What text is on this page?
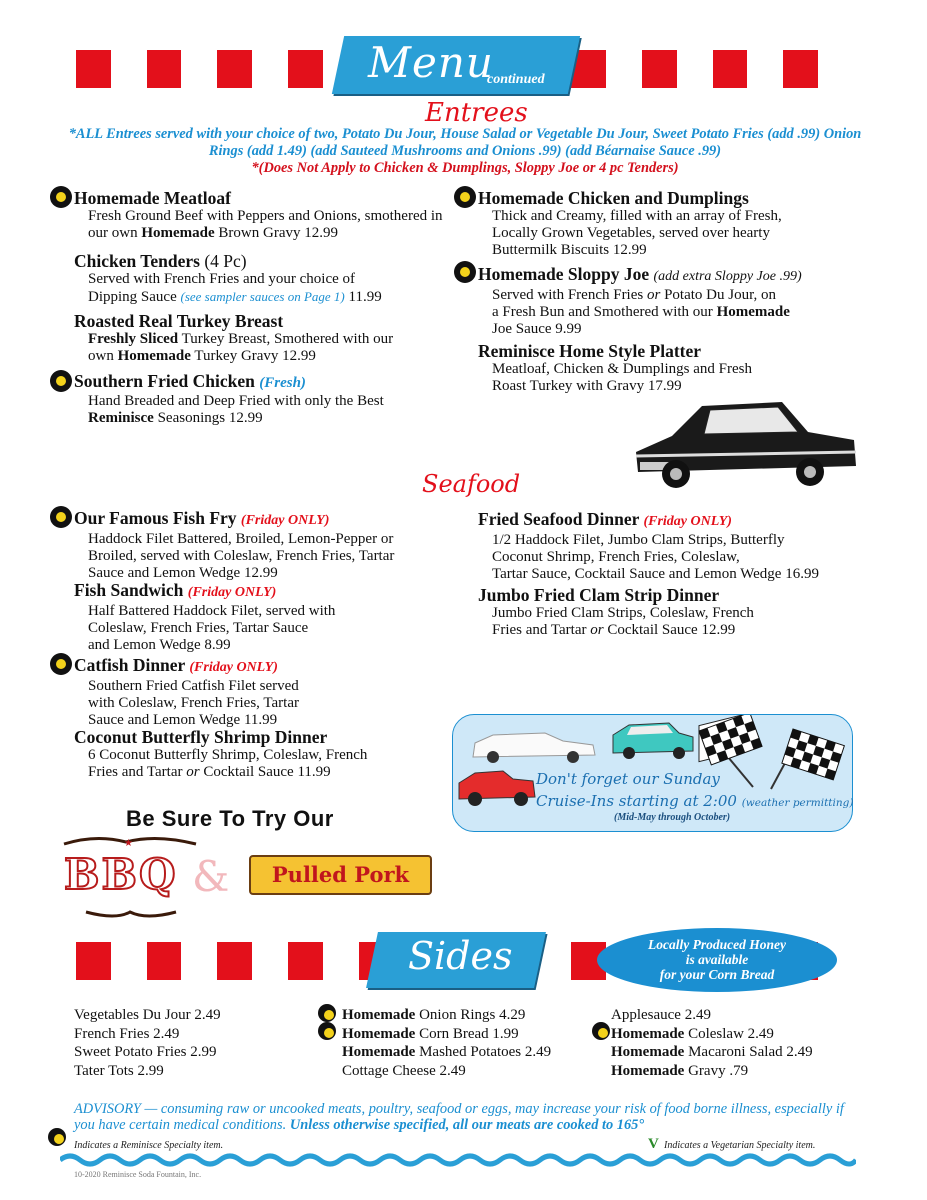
Menu
continued
Entrees
*ALL Entrees served with your choice of two, Potato Du Jour, House Salad or Vegetable Du Jour, Sweet Potato Fries (add .99) Onion Rings (add 1.49) (add Sauteed Mushrooms and Onions .99) (add Béarnaise Sauce .99)
*(Does Not Apply to Chicken & Dumplings, Sloppy Joe or 4 pc Tenders)
Homemade Meatloaf
Fresh Ground Beef with Peppers and Onions, smothered in
our own Homemade Brown Gravy 12.99
Chicken Tenders (4 Pc)
Served with French Fries and your choice of
Dipping Sauce (see sampler sauces on Page 1) 11.99
Roasted Real Turkey Breast
Freshly Sliced Turkey Breast, Smothered with our
own Homemade Turkey Gravy 12.99
Southern Fried Chicken (Fresh)
Hand Breaded and Deep Fried with only the Best
Reminisce Seasonings 12.99
Homemade Chicken and Dumplings
Thick and Creamy, filled with an array of Fresh,
Locally Grown Vegetables, served over hearty
Buttermilk Biscuits 12.99
Homemade Sloppy Joe (add extra Sloppy Joe .99)
Served with French Fries or Potato Du Jour, on
a Fresh Bun and Smothered with our Homemade
Joe Sauce 9.99
Reminisce Home Style Platter
Meatloaf, Chicken & Dumplings and Fresh
Roast Turkey with Gravy 17.99
Seafood
Our Famous Fish Fry (Friday ONLY)
Haddock Filet Battered, Broiled, Lemon-Pepper or
Broiled, served with Coleslaw, French Fries, Tartar
Sauce and Lemon Wedge 12.99
Fish Sandwich (Friday ONLY)
Half Battered Haddock Filet, served with
Coleslaw, French Fries, Tartar Sauce
and Lemon Wedge 8.99
Catfish Dinner (Friday ONLY)
Southern Fried Catfish Filet served
with Coleslaw, French Fries, Tartar
Sauce and Lemon Wedge 11.99
Coconut Butterfly Shrimp Dinner
6 Coconut Butterfly Shrimp, Coleslaw, French
Fries and Tartar or Cocktail Sauce 11.99
Fried Seafood Dinner (Friday ONLY)
1/2 Haddock Filet, Jumbo Clam Strips, Butterfly
Coconut Shrimp, French Fries, Coleslaw,
Tartar Sauce, Cocktail Sauce and Lemon Wedge 16.99
Jumbo Fried Clam Strip Dinner
Jumbo Fried Clam Strips, Coleslaw, French
Fries and Tartar or Cocktail Sauce 12.99
Don't forget our Sunday
Cruise-Ins starting at 2:00 (weather permitting)
(Mid-May through October)
Be Sure To Try Our
★
BBQ &	Pulled Pork
Sides	Locally Produced Honey
is available
for your Corn Bread
Vegetables Du Jour 2.49
French Fries 2.49
Sweet Potato Fries 2.99
Tater Tots 2.99
Homemade Onion Rings 4.29
Homemade Corn Bread 1.99
Homemade Mashed Potatoes 2.49
Cottage Cheese 2.49
Applesauce 2.49
Homemade Coleslaw 2.49
Homemade Macaroni Salad 2.49
Homemade Gravy .79
ADVISORY — consuming raw or uncooked meats, poultry, seafood or eggs, may increase your risk of food borne illness, especially if you have certain medical conditions. Unless otherwise specified, all our meats are cooked to 165°
Indicates a Reminisce Specialty item.	V Indicates a Vegetarian Specialty item.
10-2020 Reminisce Soda Fountain, Inc.
